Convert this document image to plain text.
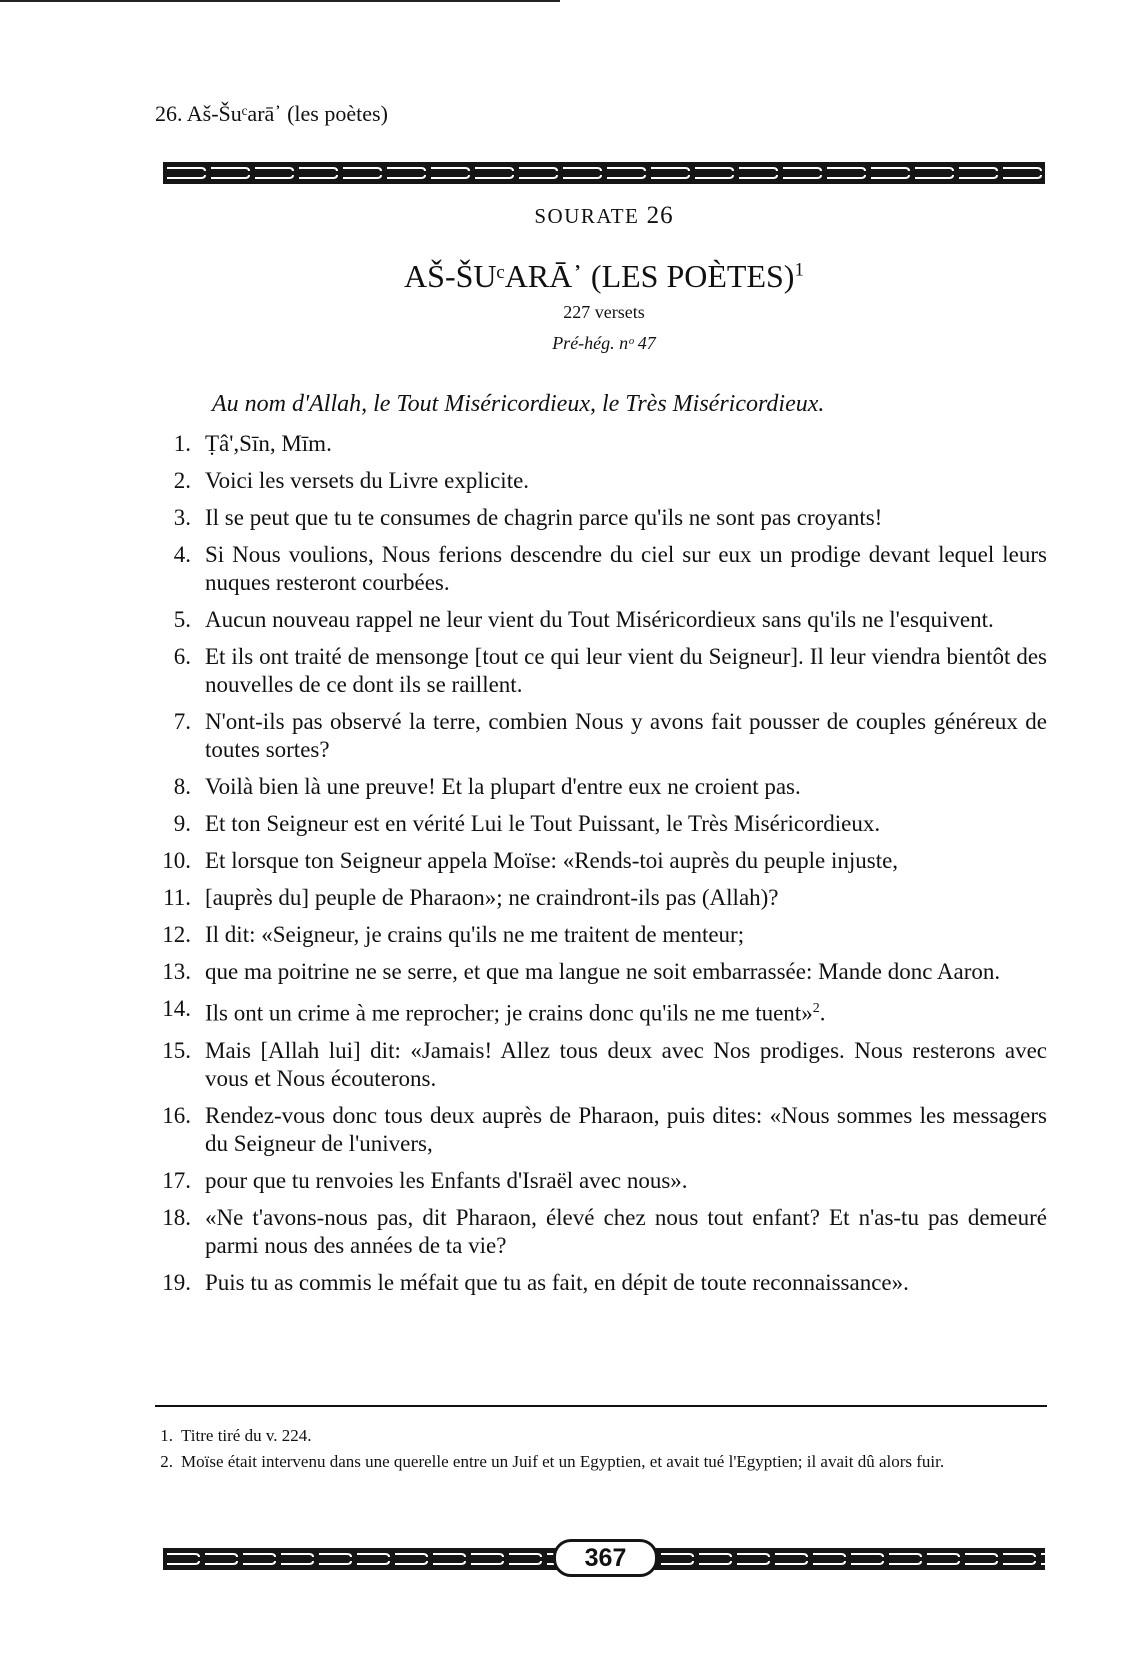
26. Aš-Šuᶜarā᾿ (les poètes)
SOURATE 26
AŠ-ŠUᶜARĀ᾿ (LES POÈTES)$^1$
227 versets
Pré-hég. nᵒ 47
Au nom d'Allah, le Tout Miséricordieux, le Très Miséricordieux.
1. Ṭâ',Sīn, Mīm.
2. Voici les versets du Livre explicite.
3. Il se peut que tu te consumes de chagrin parce qu'ils ne sont pas croyants!
4. Si Nous voulions, Nous ferions descendre du ciel sur eux un prodige devant lequel leurs nuques resteront courbées.
5. Aucun nouveau rappel ne leur vient du Tout Miséricordieux sans qu'ils ne l'esquivent.
6. Et ils ont traité de mensonge [tout ce qui leur vient du Seigneur]. Il leur viendra bientôt des nouvelles de ce dont ils se raillent.
7. N'ont-ils pas observé la terre, combien Nous y avons fait pousser de couples généreux de toutes sortes?
8. Voilà bien là une preuve! Et la plupart d'entre eux ne croient pas.
9. Et ton Seigneur est en vérité Lui le Tout Puissant, le Très Miséricordieux.
10. Et lorsque ton Seigneur appela Moïse: «Rends-toi auprès du peuple injuste,
11. [auprès du] peuple de Pharaon»; ne craindront-ils pas (Allah)?
12. Il dit: «Seigneur, je crains qu'ils ne me traitent de menteur;
13. que ma poitrine ne se serre, et que ma langue ne soit embarrassée: Mande donc Aaron.
14. Ils ont un crime à me reprocher; je crains donc qu'ils ne me tuent»$^2$.
15. Mais [Allah lui] dit: «Jamais! Allez tous deux avec Nos prodiges. Nous resterons avec vous et Nous écouterons.
16. Rendez-vous donc tous deux auprès de Pharaon, puis dites: «Nous sommes les messagers du Seigneur de l'univers,
17. pour que tu renvoies les Enfants d'Israël avec nous».
18. «Ne t'avons-nous pas, dit Pharaon, élevé chez nous tout enfant? Et n'as-tu pas demeuré parmi nous des années de ta vie?
19. Puis tu as commis le méfait que tu as fait, en dépit de toute reconnaissance».
1. Titre tiré du v. 224.
2. Moïse était intervenu dans une querelle entre un Juif et un Egyptien, et avait tué l'Egyptien; il avait dû alors fuir.
367
